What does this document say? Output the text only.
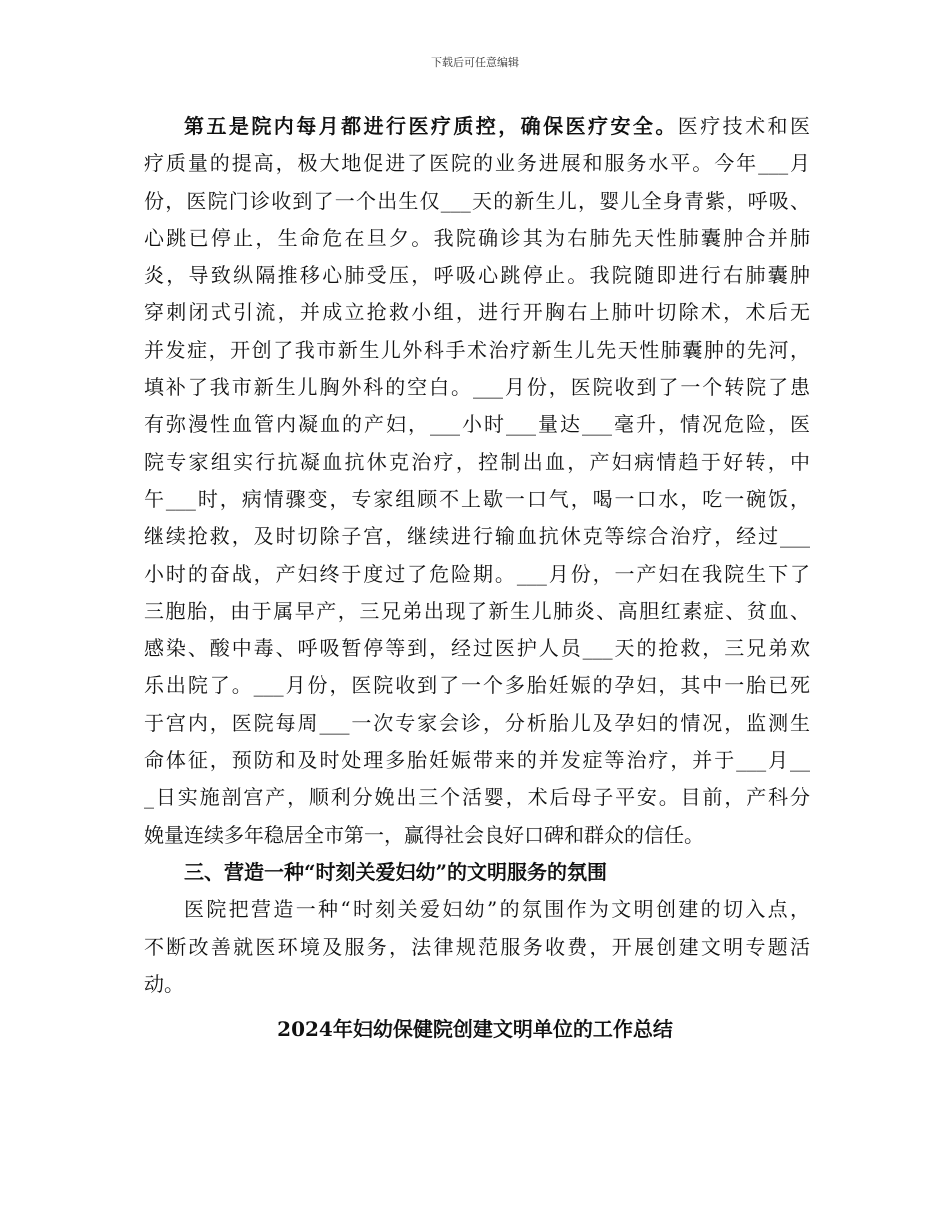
下载后可任意编辑
第五是院内每月都进行医疗质控，确保医疗安全。医疗技术和医
疗质量的提高，极大地促进了医院的业务进展和服务水平。今年___月
份，医院门诊收到了一个出生仅___天的新生儿，婴儿全身青紫，呼吸、
心跳已停止，生命危在旦夕。我院确诊其为右肺先天性肺囊肿合并肺
炎，导致纵隔推移心肺受压，呼吸心跳停止。我院随即进行右肺囊肿
穿刺闭式引流，并成立抢救小组，进行开胸右上肺叶切除术，术后无
并发症，开创了我市新生儿外科手术治疗新生儿先天性肺囊肿的先河，
填补了我市新生儿胸外科的空白。___月份，医院收到了一个转院了患
有弥漫性血管内凝血的产妇，___小时___量达___毫升，情况危险，医
院专家组实行抗凝血抗休克治疗，控制出血，产妇病情趋于好转，中
午___时，病情骤变，专家组顾不上歇一口气，喝一口水，吃一碗饭，
继续抢救，及时切除子宫，继续进行输血抗休克等综合治疗，经过___
小时的奋战，产妇终于度过了危险期。___月份，一产妇在我院生下了
三胞胎，由于属早产，三兄弟出现了新生儿肺炎、高胆红素症、贫血、
感染、酸中毒、呼吸暂停等到，经过医护人员___天的抢救，三兄弟欢
乐出院了。___月份，医院收到了一个多胎妊娠的孕妇，其中一胎已死
于宫内，医院每周___一次专家会诊，分析胎儿及孕妇的情况，监测生
命体征，预防和及时处理多胎妊娠带来的并发症等治疗，并于___月__
_日实施剖宫产，顺利分娩出三个活婴，术后母子平安。目前，产科分
娩量连续多年稳居全市第一，赢得社会良好口碑和群众的信任。
三、营造一种“时刻关爱妇幼”的文明服务的氛围
医院把营造一种“时刻关爱妇幼”的氛围作为文明创建的切入点，
不断改善就医环境及服务，法律规范服务收费，开展创建文明专题活
动。
2024年妇幼保健院创建文明单位的工作总结
